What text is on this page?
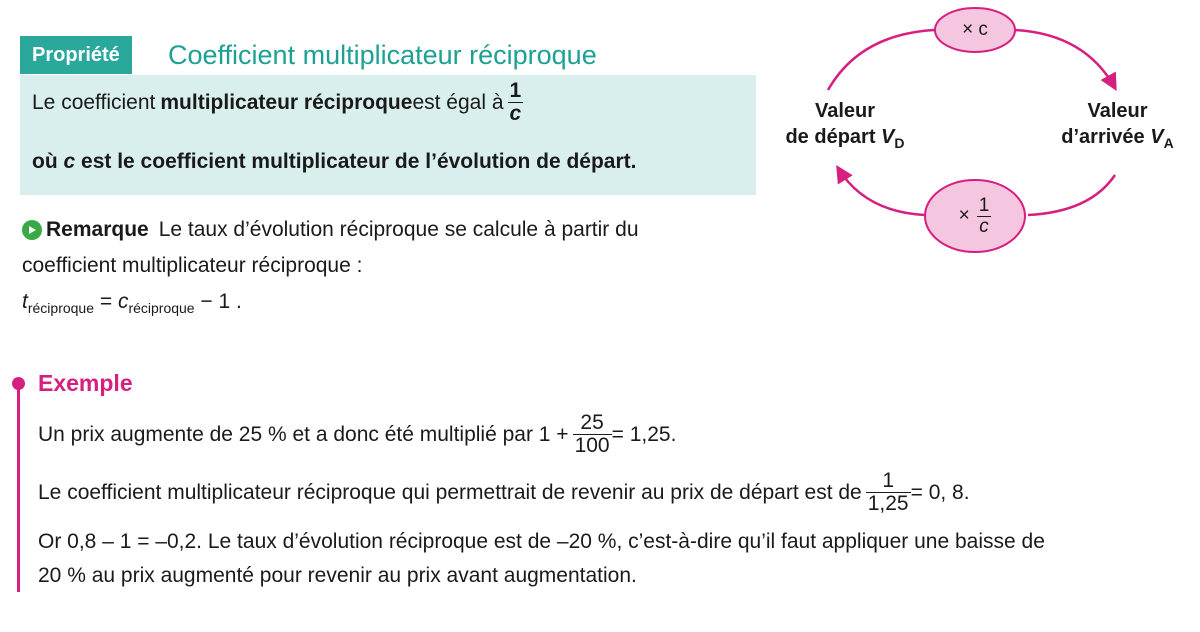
Propriété	Coefficient multiplicateur réciproque
Le coefficient multiplicateur réciproque est égal à $\frac{1}{c}$
où c est le coefficient multiplicateur de l’évolution de départ.
Remarque Le taux d’évolution réciproque se calcule à partir du
coefficient multiplicateur réciproque :
$t_{réciproque} = c_{réciproque} - 1$ .
Exemple
Un prix augmente de 25 % et a donc été multiplié par $1 + \frac{25}{100} = 1,25$.
Le coefficient multiplicateur réciproque qui permettrait de revenir au prix de départ est de $\frac{1}{1,25} = 0$, 8.
Or 0,8 – 1 = –0,2. Le taux d’évolution réciproque est de –20 %, c’est-à-dire qu’il faut appliquer une baisse de
20 % au prix augmenté pour revenir au prix avant augmentation.
× c
× $\frac{1}{c}$
Valeur
de départ $V_D$
Valeur
d’arrivée $V_A$
